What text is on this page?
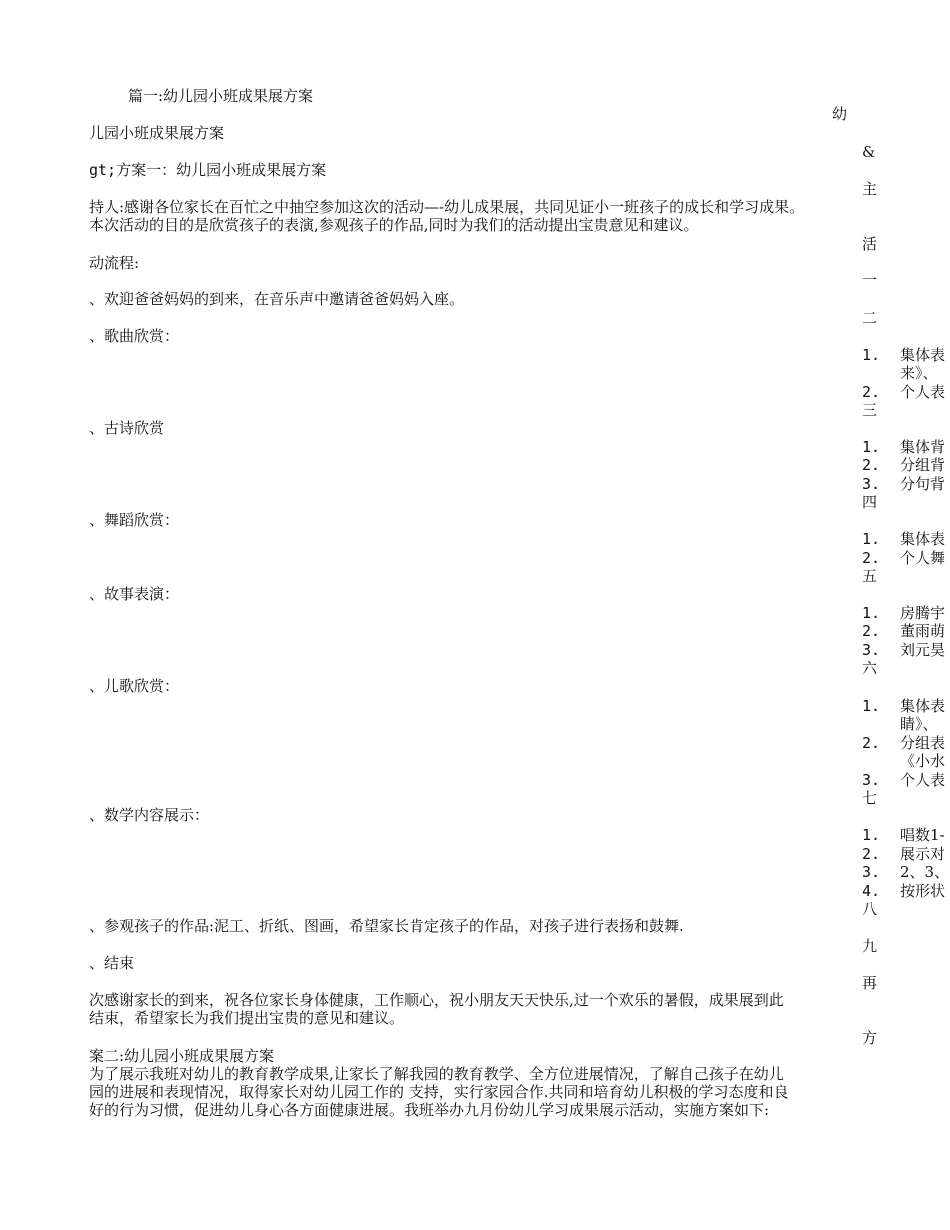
篇一:幼儿园小班成果展方案
儿园小班成果展方案
gt;方案一：幼儿园小班成果展方案
持人:感谢各位家长在百忙之中抽空参加这次的活动—-幼儿成果展，共同见证小一班孩子的成长和学习成果。
本次活动的目的是欣赏孩子的表演,参观孩子的作品,同时为我们的活动提出宝贵意见和建议。
动流程:
、欢迎爸爸妈妈的到来，在音乐声中邀请爸爸妈妈入座。
、歌曲欣赏：
、古诗欣赏
、舞蹈欣赏：
、故事表演：
、儿歌欣赏：
、数学内容展示：
、参观孩子的作品:泥工、折纸、图画，希望家长肯定孩子的作品，对孩子进行表扬和鼓舞.
、结束
次感谢家长的到来，祝各位家长身体健康，工作顺心，祝小朋友天天快乐,过一个欢乐的暑假，成果展到此
结束，希望家长为我们提出宝贵的意见和建议。
案二:幼儿园小班成果展方案
为了展示我班对幼儿的教育教学成果,让家长了解我园的教育教学、全方位进展情况，了解自己孩子在幼儿
园的进展和表现情况，取得家长对幼儿园工作的 支持，实行家园合作.共同和培育幼儿积极的学习态度和良
好的行为习惯，促进幼儿身心各方面健康进展。我班举办九月份幼儿学习成果展示活动，实施方案如下:
幼
&
主
活
一
二
1. 集体表
来》、
2. 个人表
三
1. 集体背
2. 分组背
3. 分句背
四
1. 集体表
2. 个人舞
五
1. 房腾宇
2. 董雨萌
3. 刘元昊
六
1. 集体表
睛》、
2. 分组表
《小水
3. 个人表
七
1. 唱数1-
2. 展示对
3. 2、3、
4. 按形状
八
九
再
方
